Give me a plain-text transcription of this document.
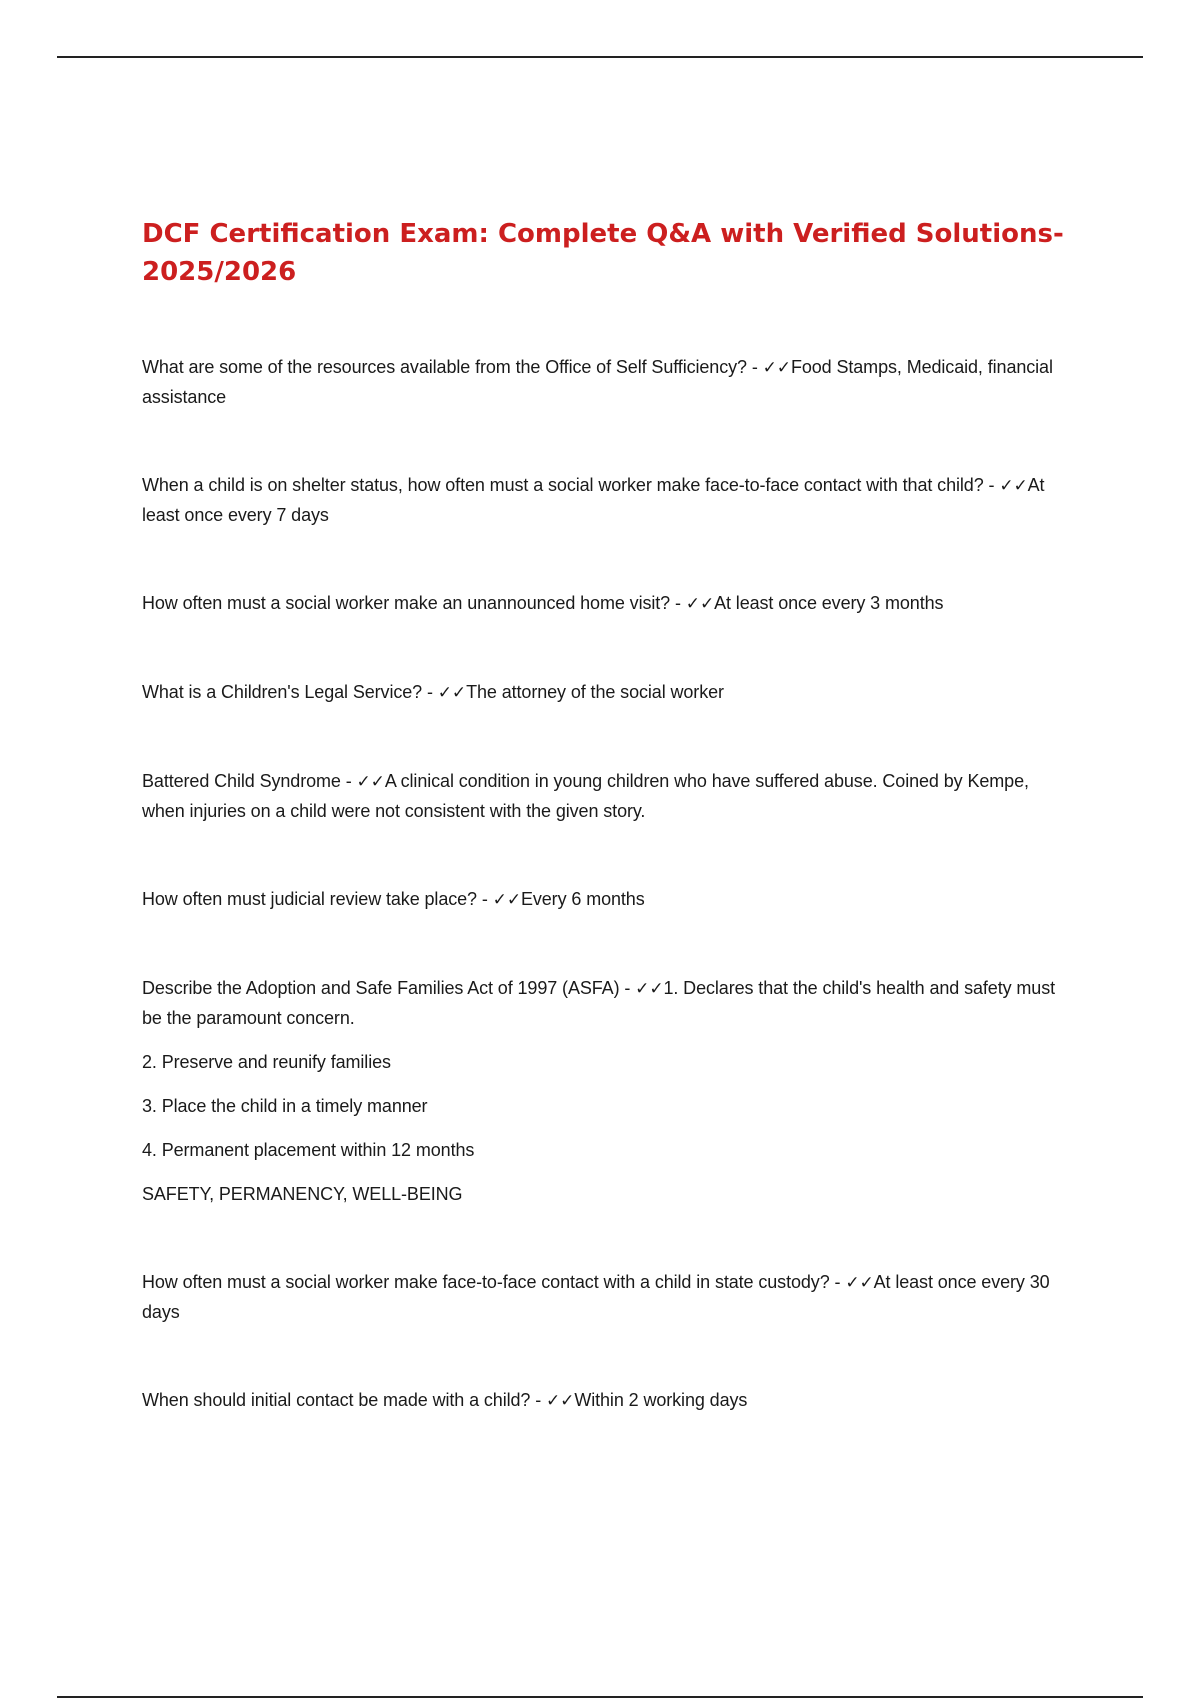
DCF Certification Exam: Complete Q&A with Verified Solutions- 2025/2026
What are some of the resources available from the Office of Self Sufficiency? - ✓✓Food Stamps, Medicaid, financial assistance
When a child is on shelter status, how often must a social worker make face-to-face contact with that child? - ✓✓At least once every 7 days
How often must a social worker make an unannounced home visit? - ✓✓At least once every 3 months
What is a Children's Legal Service? - ✓✓The attorney of the social worker
Battered Child Syndrome - ✓✓A clinical condition in young children who have suffered abuse. Coined by Kempe, when injuries on a child were not consistent with the given story.
How often must judicial review take place? - ✓✓Every 6 months
Describe the Adoption and Safe Families Act of 1997 (ASFA) - ✓✓1. Declares that the child's health and safety must be the paramount concern.
2. Preserve and reunify families
3. Place the child in a timely manner
4. Permanent placement within 12 months
SAFETY, PERMANENCY, WELL-BEING
How often must a social worker make face-to-face contact with a child in state custody? - ✓✓At least once every 30 days
When should initial contact be made with a child? - ✓✓Within 2 working days
